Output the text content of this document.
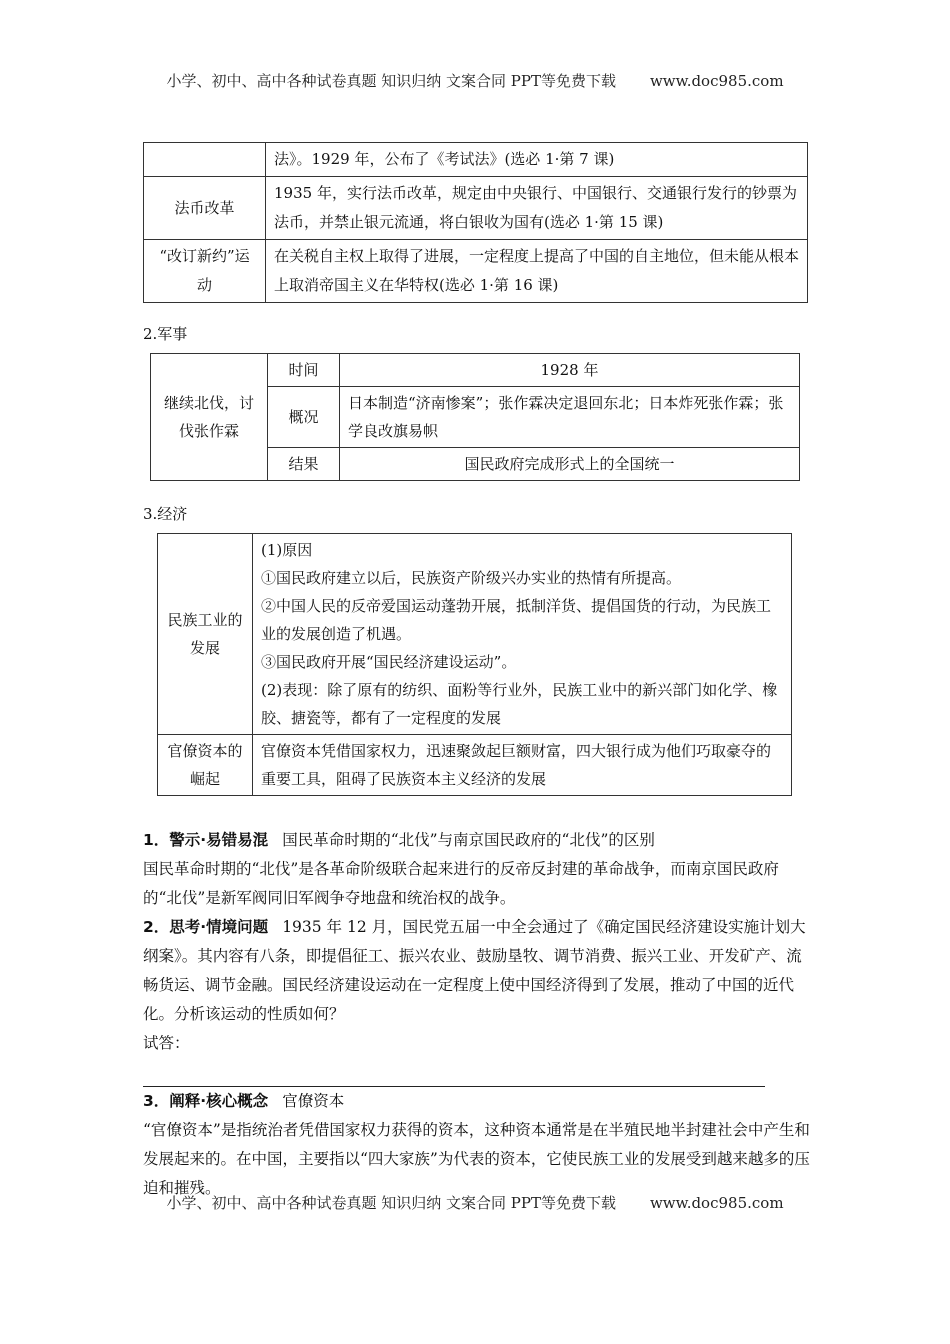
小学、初中、高中各种试卷真题 知识归纳 文案合同 PPT等免费下载 www.doc985.com
	法》。1929 年，公布了《考试法》(选必 1·第 7 课)
法币改革	1935 年，实行法币改革，规定由中央银行、中国银行、交通银行发行的钞票为法币，并禁止银元流通，将白银收为国有(选必 1·第 15 课)
“改订新约”运动	在关税自主权上取得了进展，一定程度上提高了中国的自主地位，但未能从根本上取消帝国主义在华特权(选必 1·第 16 课)
2.军事
继续北伐，讨伐张作霖	时间	1928 年
	概况	日本制造“济南惨案”；张作霖决定退回东北；日本炸死张作霖；张学良改旗易帜
	结果	国民政府完成形式上的全国统一
3.经济
民族工业的发展	(1)原因

①国民政府建立以后，民族资产阶级兴办实业的热情有所提高。

②中国人民的反帝爱国运动蓬勃开展，抵制洋货、提倡国货的行动，为民族工业的发展创造了机遇。

③国民政府开展“国民经济建设运动”。

(2)表现：除了原有的纺织、面粉等行业外，民族工业中的新兴部门如化学、橡胶、搪瓷等，都有了一定程度的发展

官僚资本的崛起	官僚资本凭借国家权力，迅速聚敛起巨额财富，四大银行成为他们巧取豪夺的重要工具，阻碍了民族资本主义经济的发展

1．警示·易错易混 国民革命时期的“北伐”与南京国民政府的“北伐”的区别

国民革命时期的“北伐”是各革命阶级联合起来进行的反帝反封建的革命战争，而南京国民政府的“北伐”是新军阀同旧军阀争夺地盘和统治权的战争。

2．思考·情境问题 1935 年 12 月，国民党五届一中全会通过了《确定国民经济建设实施计划大纲案》。其内容有八条，即提倡征工、振兴农业、鼓励垦牧、调节消费、振兴工业、开发矿产、流畅货运、调节金融。国民经济建设运动在一定程度上使中国经济得到了发展，推动了中国的近代化。分析该运动的性质如何？

试答：

3．阐释·核心概念 官僚资本

“官僚资本”是指统治者凭借国家权力获得的资本，这种资本通常是在半殖民地半封建社会中产生和发展起来的。在中国，主要指以“四大家族”为代表的资本，它使民族工业的发展受到越来越多的压迫和摧残。

小学、初中、高中各种试卷真题 知识归纳 文案合同 PPT等免费下载 www.doc985.com
